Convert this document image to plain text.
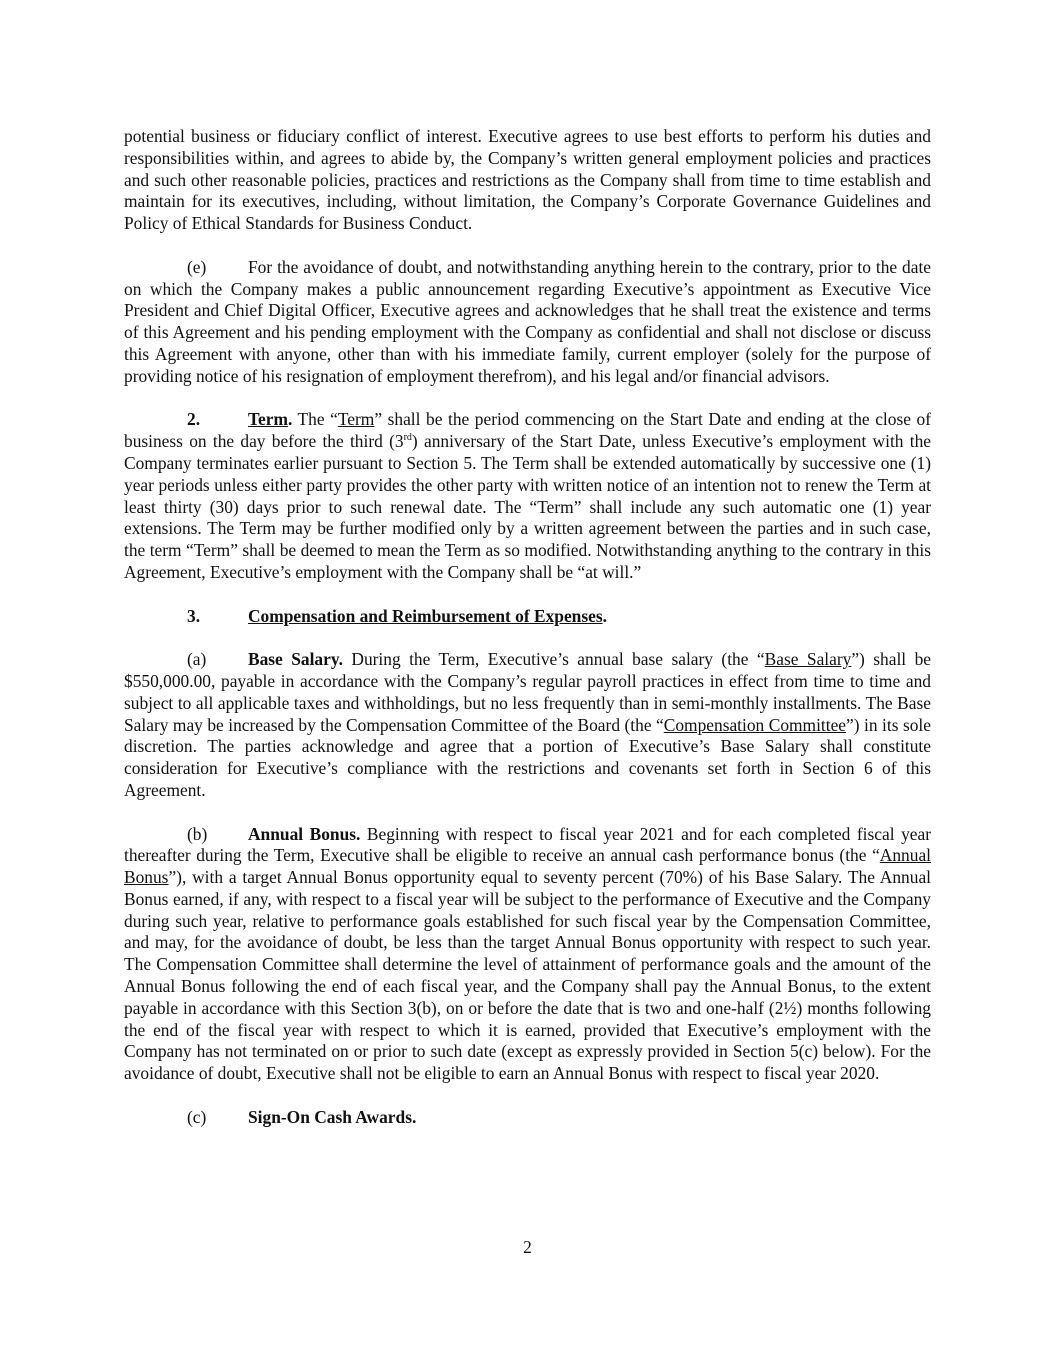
potential business or fiduciary conflict of interest. Executive agrees to use best efforts to perform his duties and responsibilities within, and agrees to abide by, the Company’s written general employment policies and practices and such other reasonable policies, practices and restrictions as the Company shall from time to time establish and maintain for its executives, including, without limitation, the Company’s Corporate Governance Guidelines and Policy of Ethical Standards for Business Conduct.

(e) For the avoidance of doubt, and notwithstanding anything herein to the contrary, prior to the date on which the Company makes a public announcement regarding Executive’s appointment as Executive Vice President and Chief Digital Officer, Executive agrees and acknowledges that he shall treat the existence and terms of this Agreement and his pending employment with the Company as confidential and shall not disclose or discuss this Agreement with anyone, other than with his immediate family, current employer (solely for the purpose of providing notice of his resignation of employment therefrom), and his legal and/or financial advisors.

2.	Term. The “Term” shall be the period commencing on the Start Date and ending at the close of business on the day before the third (3rd) anniversary of the Start Date, unless Executive’s employment with the Company terminates earlier pursuant to Section 5. The Term shall be extended automatically by successive one (1) year periods unless either party provides the other party with written notice of an intention not to renew the Term at least thirty (30) days prior to such renewal date. The “Term” shall include any such automatic one (1) year extensions. The Term may be further modified only by a written agreement between the parties and in such case, the term “Term” shall be deemed to mean the Term as so modified. Notwithstanding anything to the contrary in this Agreement, Executive’s employment with the Company shall be “at will.”

3.	Compensation and Reimbursement of Expenses.

(a) Base Salary. During the Term, Executive’s annual base salary (the “Base Salary”) shall be $550,000.00, payable in accordance with the Company’s regular payroll practices in effect from time to time and subject to all applicable taxes and withholdings, but no less frequently than in semi-monthly installments. The Base Salary may be increased by the Compensation Committee of the Board (the “Compensation Committee”) in its sole discretion. The parties acknowledge and agree that a portion of Executive’s Base Salary shall constitute consideration for Executive’s compliance with the restrictions and covenants set forth in Section 6 of this Agreement.

(b) Annual Bonus. Beginning with respect to fiscal year 2021 and for each completed fiscal year thereafter during the Term, Executive shall be eligible to receive an annual cash performance bonus (the “Annual Bonus”), with a target Annual Bonus opportunity equal to seventy percent (70%) of his Base Salary. The Annual Bonus earned, if any, with respect to a fiscal year will be subject to the performance of Executive and the Company during such year, relative to performance goals established for such fiscal year by the Compensation Committee, and may, for the avoidance of doubt, be less than the target Annual Bonus opportunity with respect to such year. The Compensation Committee shall determine the level of attainment of performance goals and the amount of the Annual Bonus following the end of each fiscal year, and the Company shall pay the Annual Bonus, to the extent payable in accordance with this Section 3(b), on or before the date that is two and one-half (2½) months following the end of the fiscal year with respect to which it is earned, provided that Executive’s employment with the Company has not terminated on or prior to such date (except as expressly provided in Section 5(c) below). For the avoidance of doubt, Executive shall not be eligible to earn an Annual Bonus with respect to fiscal year 2020.

(c) Sign-On Cash Awards.

2
